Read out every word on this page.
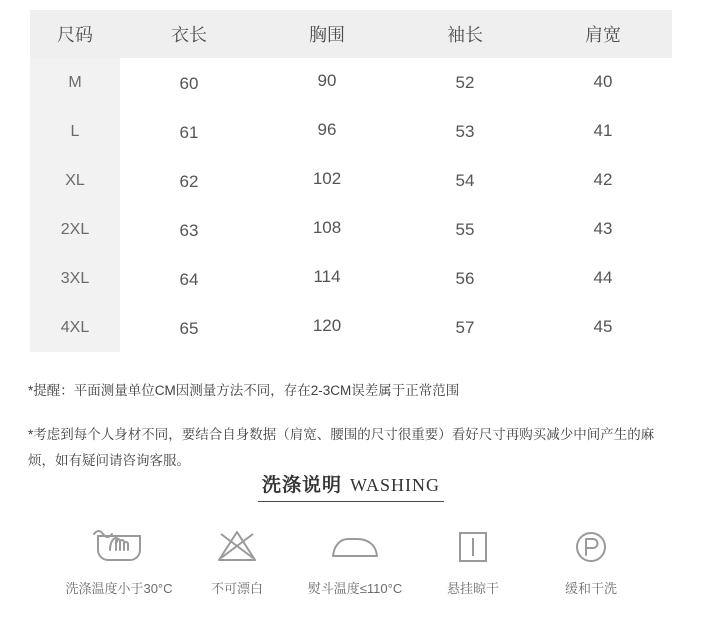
尺码	衣长	胸围	袖长	肩宽
M	60	90	52	40
L	61	96	53	41
XL	62	102	54	42
2XL	63	108	55	43
3XL	64	114	56	44
4XL	65	120	57	45

*提醒：平面测量单位CM因测量方法不同，存在2-3CM误差属于正常范围

*考虑到每个人身材不同，要结合自身数据（肩宽、腰围的尺寸很重要）看好尺寸再购买减少中间产生的麻烦，如有疑问请咨询客服。

洗涤说明 WASHING
洗涤温度小于30°C	不可漂白	熨斗温度≤110°C	悬挂晾干	缓和干洗
